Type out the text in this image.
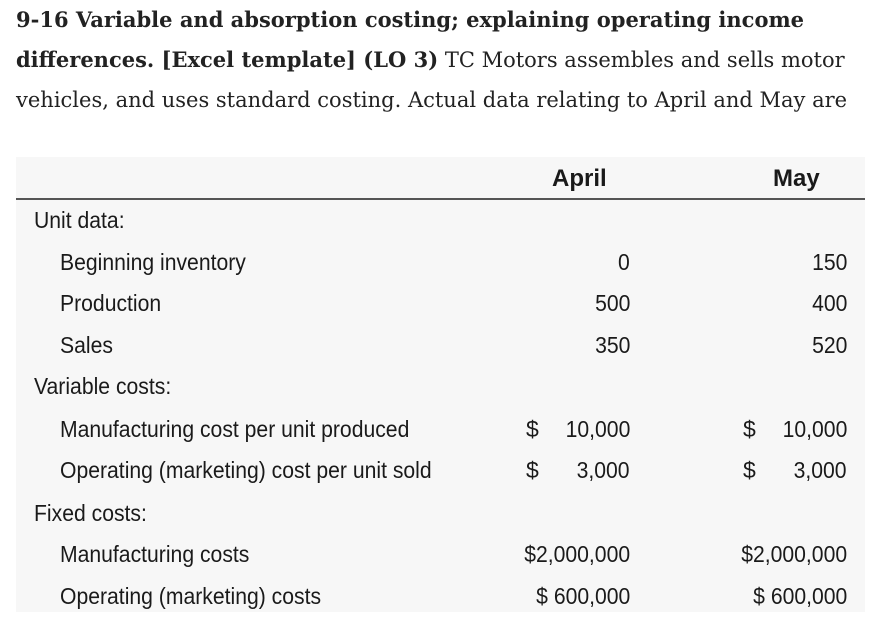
9-16 Variable and absorption costing; explaining operating income
differences. [Excel template] (LO 3) TC Motors assembles and sells motor
vehicles, and uses standard costing. Actual data relating to April and May are
April	May
Unit data:
Beginning inventory	0	150
Production	500	400
Sales	350	520
Variable costs:
Manufacturing cost per unit produced	$ 10,000	$ 10,000
Operating (marketing) cost per unit sold	$ 3,000	$ 3,000
Fixed costs:
Manufacturing costs	$2,000,000	$2,000,000
Operating (marketing) costs	$ 600,000	$ 600,000
